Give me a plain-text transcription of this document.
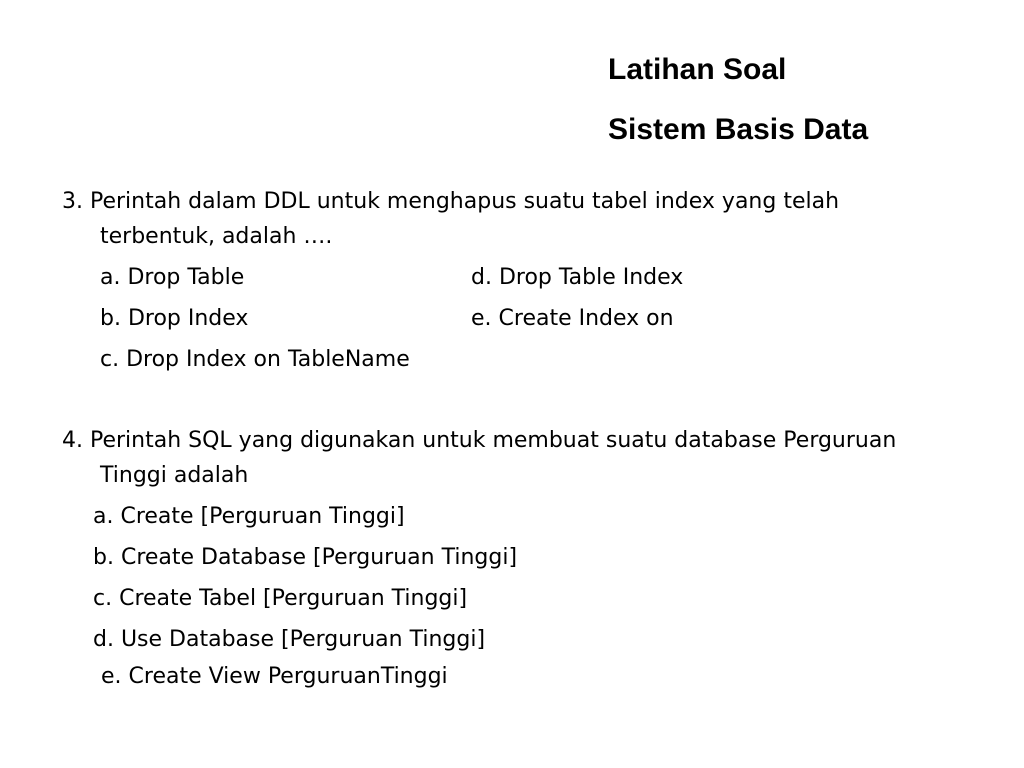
Latihan Soal
Sistem Basis Data
3. Perintah dalam DDL untuk menghapus suatu tabel index yang telah
terbentuk, adalah ….
a. Drop Table	d. Drop Table Index
b. Drop Index	e. Create Index on
c. Drop Index on TableName
4. Perintah SQL yang digunakan untuk membuat suatu database Perguruan
Tinggi adalah
a. Create [Perguruan Tinggi]
b. Create Database [Perguruan Tinggi]
c. Create Tabel [Perguruan Tinggi]
d. Use Database [Perguruan Tinggi]
e. Create View PerguruanTinggi
